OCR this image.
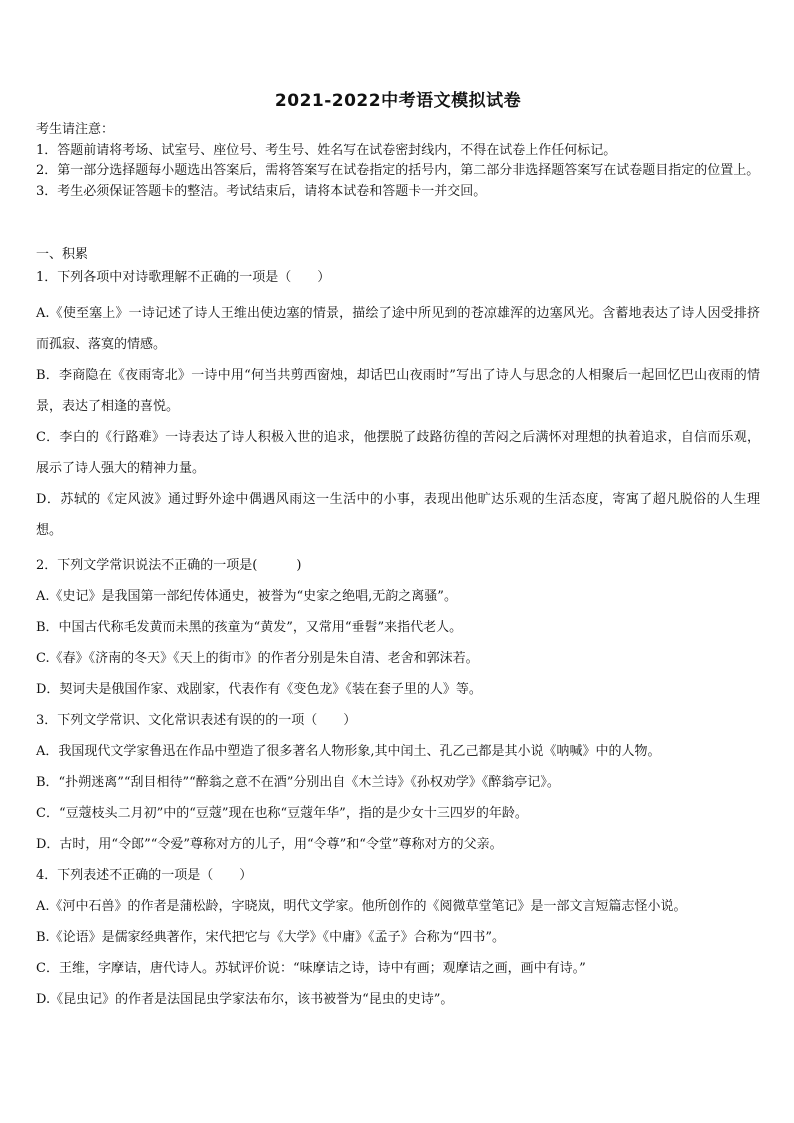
2021-2022中考语文模拟试卷

考生请注意：

1．答题前请将考场、试室号、座位号、考生号、姓名写在试卷密封线内，不得在试卷上作任何标记。

2．第一部分选择题每小题选出答案后，需将答案写在试卷指定的括号内，第二部分非选择题答案写在试卷题目指定的位置上。

3．考生必须保证答题卡的整洁。考试结束后，请将本试卷和答题卡一并交回。

一、积累

1．下列各项中对诗歌理解不正确的一项是（　　）

A.《使至塞上》一诗记述了诗人王维出使边塞的情景，描绘了途中所见到的苍凉雄浑的边塞风光。含蓄地表达了诗人因受排挤而孤寂、落寞的情感。

B．李商隐在《夜雨寄北》一诗中用“何当共剪西窗烛，却话巴山夜雨时”写出了诗人与思念的人相聚后一起回忆巴山夜雨的情景，表达了相逢的喜悦。

C．李白的《行路难》一诗表达了诗人积极入世的追求，他摆脱了歧路彷徨的苦闷之后满怀对理想的执着追求，自信而乐观，展示了诗人强大的精神力量。

D．苏轼的《定风波》通过野外途中偶遇风雨这一生活中的小事，表现出他旷达乐观的生活态度，寄寓了超凡脱俗的人生理想。

2．下列文学常识说法不正确的一项是(　　　)

A.《史记》是我国第一部纪传体通史，被誉为“史家之绝唱,无韵之离骚”。

B．中国古代称毛发黄而未黑的孩童为“黄发”，又常用“垂髫”来指代老人。

C.《春》《济南的冬天》《天上的街市》的作者分别是朱自清、老舍和郭沫若。

D．契诃夫是俄国作家、戏剧家，代表作有《变色龙》《装在套子里的人》等。

3．下列文学常识、文化常识表述有误的的一项（　　）

A．我国现代文学家鲁迅在作品中塑造了很多著名人物形象,其中闰土、孔乙己都是其小说《呐喊》中的人物。

B．“扑朔迷离”“刮目相待”“醉翁之意不在酒”分别出自《木兰诗》《孙权劝学》《醉翁亭记》。

C．“豆蔻枝头二月初”中的“豆蔻”现在也称“豆蔻年华”，指的是少女十三四岁的年龄。

D．古时，用“令郎”“令爱”尊称对方的儿子，用“令尊”和“令堂”尊称对方的父亲。

4．下列表述不正确的一项是（　　）

A.《河中石兽》的作者是蒲松龄，字晓岚，明代文学家。他所创作的《阅微草堂笔记》是一部文言短篇志怪小说。

B.《论语》是儒家经典著作，宋代把它与《大学》《中庸》《孟子》合称为“四书”。

C．王维，字摩诘，唐代诗人。苏轼评价说：“味摩诘之诗，诗中有画；观摩诘之画，画中有诗。”

D.《昆虫记》的作者是法国昆虫学家法布尔，该书被誉为“昆虫的史诗”。
